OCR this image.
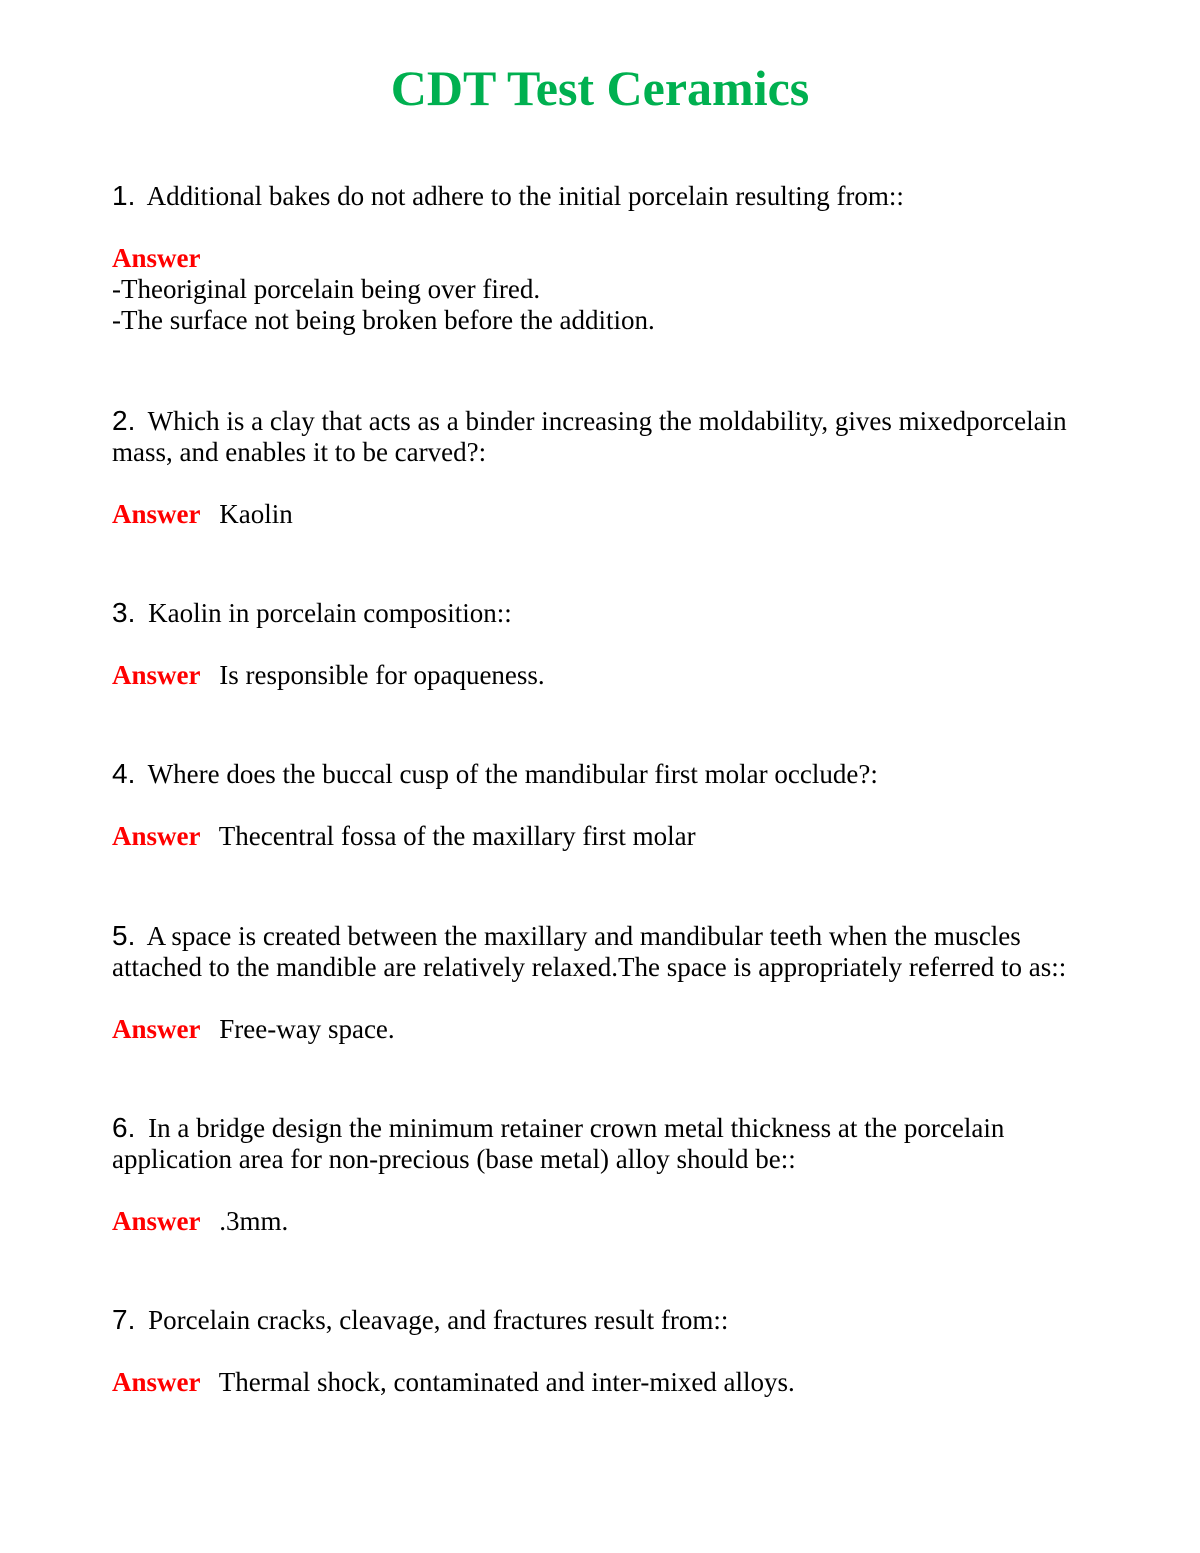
CDT Test Ceramics

1. Additional bakes do not adhere to the initial porcelain resulting from::

Answer
-Theoriginal porcelain being over fired.
-The surface not being broken before the addition.

2. Which is a clay that acts as a binder increasing the moldability, gives mixedporcelain mass, and enables it to be carved?:

Answer Kaolin

3. Kaolin in porcelain composition::

Answer Is responsible for opaqueness.

4. Where does the buccal cusp of the mandibular first molar occlude?:

Answer Thecentral fossa of the maxillary first molar

5. A space is created between the maxillary and mandibular teeth when the muscles attached to the mandible are relatively relaxed.The space is appropriately referred to as::

Answer Free-way space.

6. In a bridge design the minimum retainer crown metal thickness at the porcelain application area for non-precious (base metal) alloy should be::

Answer .3mm.

7. Porcelain cracks, cleavage, and fractures result from::

Answer Thermal shock, contaminated and inter-mixed alloys.
